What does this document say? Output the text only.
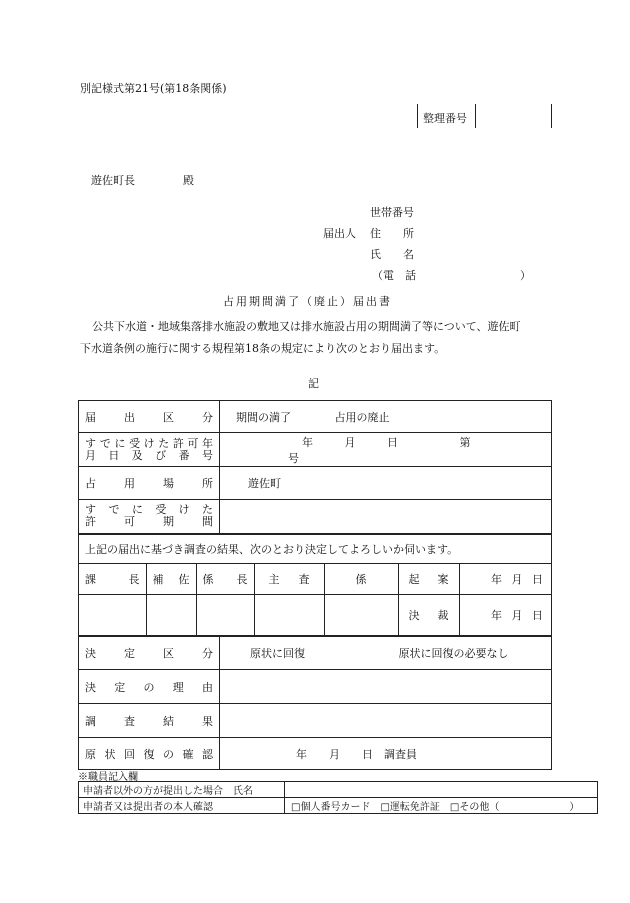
別記様式第21号(第18条関係)
整理番号
遊佐町長	殿
世帯番号
届出人 住　　所
氏　　名
（電　話	）
占用期間満了（廃止）届出書
公共下水道・地域集落排水施設の敷地又は排水施設占用の期間満了等について、遊佐町
下水道条例の施行に関する規程第18条の規定により次のとおり届出ます。
記
届出区分	期間の満了	占用の廃止

すでに受けた許可年
月日及び番号
	年	月	日	第 号
占用場所	遊佐町

すでに受けた
許可期間

上記の届出に基づき調査の結果、次のとおり決定してよろしいか伺います。

課長	補佐	係長	主査	係	起案	年 月 日
					決裁	年 月 日

決定区分	原状に回復	原状に回復の必要なし
決定の理由	
調査結果	
原状回復の確認	年　　月　　日　調査員
※職員記入欄
申請者以外の方が提出した場合　氏名	
申請者又は提出者の本人確認	□個人番号カード　□運転免許証　□その他（　　　　　　　）
